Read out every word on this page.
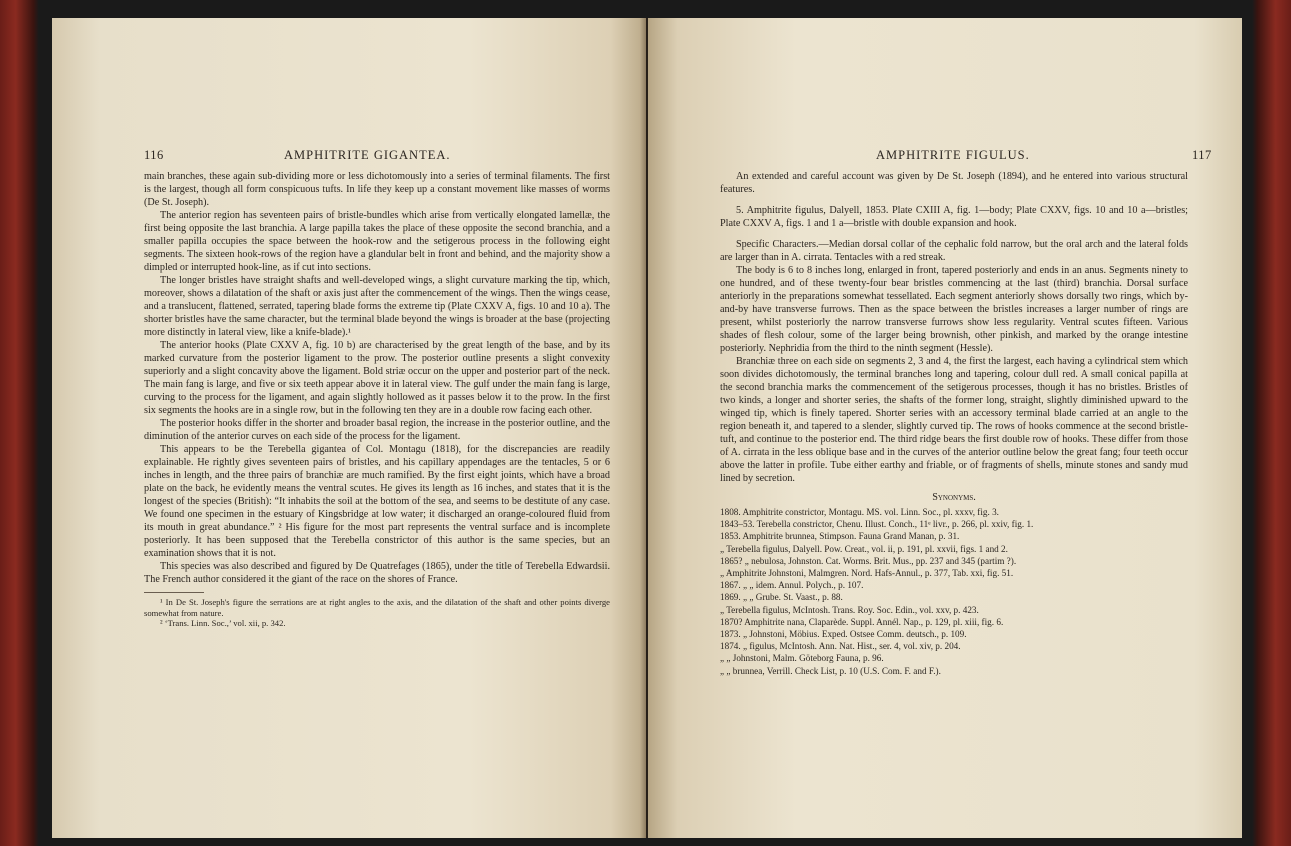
116	AMPHITRITE GIGANTEA.

main branches, these again sub-dividing more or less dichotomously into a series of terminal filaments. The first is the largest, though all form conspicuous tufts. In life they keep up a constant movement like masses of worms (De St. Joseph).

The anterior region has seventeen pairs of bristle-bundles which arise from vertically elongated lamellæ, the first being opposite the last branchia. A large papilla takes the place of these opposite the second branchia, and a smaller papilla occupies the space between the hook-row and the setigerous process in the following eight segments. The sixteen hook-rows of the region have a glandular belt in front and behind, and the majority show a dimpled or interrupted hook-line, as if cut into sections.

The longer bristles have straight shafts and well-developed wings, a slight curvature marking the tip, which, moreover, shows a dilatation of the shaft or axis just after the commencement of the wings. Then the wings cease, and a translucent, flattened, serrated, tapering blade forms the extreme tip (Plate CXXV A, figs. 10 and 10 a). The shorter bristles have the same character, but the terminal blade beyond the wings is broader at the base (projecting more distinctly in lateral view, like a knife-blade).¹

The anterior hooks (Plate CXXV A, fig. 10 b) are characterised by the great length of the base, and by its marked curvature from the posterior ligament to the prow. The posterior outline presents a slight convexity superiorly and a slight concavity above the ligament. Bold striæ occur on the upper and posterior part of the neck. The main fang is large, and five or six teeth appear above it in lateral view. The gulf under the main fang is large, curving to the process for the ligament, and again slightly hollowed as it passes below it to the prow. In the first six segments the hooks are in a single row, but in the following ten they are in a double row facing each other.

The posterior hooks differ in the shorter and broader basal region, the increase in the posterior outline, and the diminution of the anterior curves on each side of the process for the ligament.

This appears to be the Terebella gigantea of Col. Montagu (1818), for the discrepancies are readily explainable. He rightly gives seventeen pairs of bristles, and his capillary appendages are the tentacles, 5 or 6 inches in length, and the three pairs of branchiæ are much ramified. By the first eight joints, which have a broad plate on the back, he evidently means the ventral scutes. He gives its length as 16 inches, and states that it is the longest of the species (British): “It inhabits the soil at the bottom of the sea, and seems to be destitute of any case. We found one specimen in the estuary of Kingsbridge at low water; it discharged an orange-coloured fluid from its mouth in great abundance.” ² His figure for the most part represents the ventral surface and is incomplete posteriorly. It has been supposed that the Terebella constrictor of this author is the same species, but an examination shows that it is not.

This species was also described and figured by De Quatrefages (1865), under the title of Terebella Edwardsii. The French author considered it the giant of the race on the shores of France.

¹ In De St. Joseph's figure the serrations are at right angles to the axis, and the dilatation of the shaft and other points diverge somewhat from nature.

² ‘Trans. Linn. Soc.,’ vol. xii, p. 342.

AMPHITRITE FIGULUS.	117

An extended and careful account was given by De St. Joseph (1894), and he entered into various structural features.

5. Amphitrite figulus, Dalyell, 1853. Plate CXIII A, fig. 1—body; Plate CXXV, figs. 10 and 10 a—bristles; Plate CXXV A, figs. 1 and 1 a—bristle with double expansion and hook.

Specific Characters.—Median dorsal collar of the cephalic fold narrow, but the oral arch and the lateral folds are larger than in A. cirrata. Tentacles with a red streak.

The body is 6 to 8 inches long, enlarged in front, tapered posteriorly and ends in an anus. Segments ninety to one hundred, and of these twenty-four bear bristles commencing at the last (third) branchia. Dorsal surface anteriorly in the preparations somewhat tessellated. Each segment anteriorly shows dorsally two rings, which by-and-by have transverse furrows. Then as the space between the bristles increases a larger number of rings are present, whilst posteriorly the narrow transverse furrows show less regularity. Ventral scutes fifteen. Various shades of flesh colour, some of the larger being brownish, other pinkish, and marked by the orange intestine posteriorly. Nephridia from the third to the ninth segment (Hessle).

Branchiæ three on each side on segments 2, 3 and 4, the first the largest, each having a cylindrical stem which soon divides dichotomously, the terminal branches long and tapering, colour dull red. A small conical papilla at the second branchia marks the commencement of the setigerous processes, though it has no bristles. Bristles of two kinds, a longer and shorter series, the shafts of the former long, straight, slightly diminished upward to the winged tip, which is finely tapered. Shorter series with an accessory terminal blade carried at an angle to the region beneath it, and tapered to a slender, slightly curved tip. The rows of hooks commence at the second bristle-tuft, and continue to the posterior end. The third ridge bears the first double row of hooks. These differ from those of A. cirrata in the less oblique base and in the curves of the anterior outline below the great fang; four teeth occur above the latter in profile. Tube either earthy and friable, or of fragments of shells, minute stones and sandy mud lined by secretion.

Synonyms.

1808. Amphitrite constrictor, Montagu. MS. vol. Linn. Soc., pl. xxxv, fig. 3.

1843–53. Terebella constrictor, Chenu. Illust. Conch., 11ᵉ livr., p. 266, pl. xxiv, fig. 1.

1853. Amphitrite brunnea, Stimpson. Fauna Grand Manan, p. 31.

„ Terebella figulus, Dalyell. Pow. Creat., vol. ii, p. 191, pl. xxvii, figs. 1 and 2.

1865? „ nebulosa, Johnston. Cat. Worms. Brit. Mus., pp. 237 and 345 (partim ?).

„ Amphitrite Johnstoni, Malmgren. Nord. Hafs-Annul., p. 377, Tab. xxi, fig. 51.

1867. „ „ idem. Annul. Polych., p. 107.

1869. „ „ Grube. St. Vaast., p. 88.

„ Terebella figulus, McIntosh. Trans. Roy. Soc. Edin., vol. xxv, p. 423.

1870? Amphitrite nana, Claparède. Suppl. Annél. Nap., p. 129, pl. xiii, fig. 6.

1873. „ Johnstoni, Möbius. Exped. Ostsee Comm. deutsch., p. 109.

1874. „ figulus, McIntosh. Ann. Nat. Hist., ser. 4, vol. xiv, p. 204.

„ „ Johnstoni, Malm. Göteborg Fauna, p. 96.

„ „ brunnea, Verrill. Check List, p. 10 (U.S. Com. F. and F.).
